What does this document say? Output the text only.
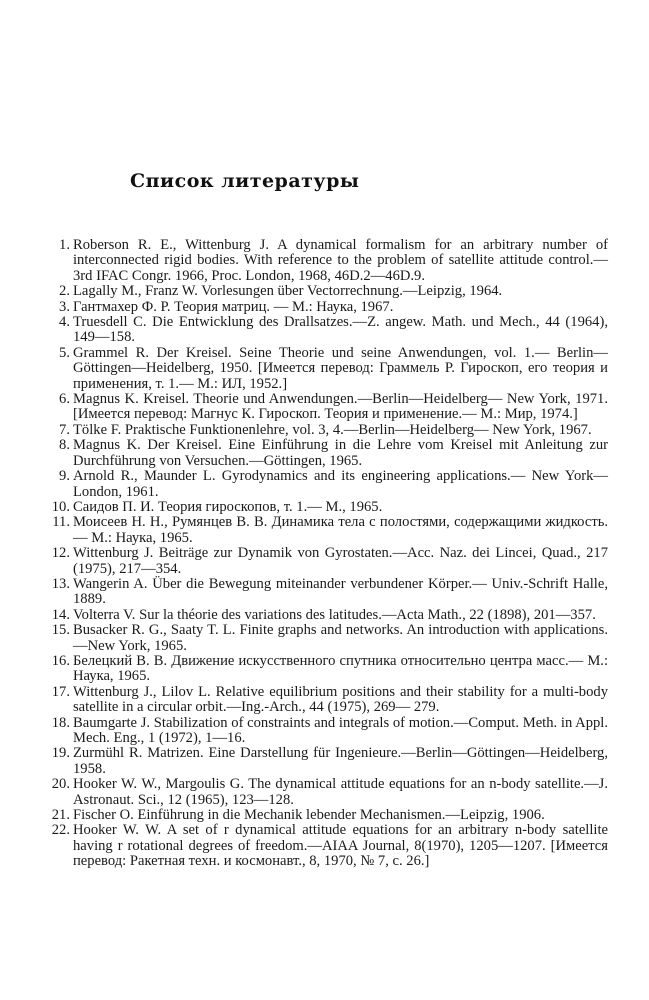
Список литературы
1. Roberson R. E., Wittenburg J. A dynamical formalism for an arbitrary number of interconnected rigid bodies. With reference to the problem of satellite attitude control.—3rd IFAC Congr. 1966, Proc. London, 1968, 46D.2—46D.9.
2. Lagally M., Franz W. Vorlesungen über Vectorrechnung.—Leipzig, 1964.
3. Гантмахер Ф. Р. Теория матриц. — М.: Наука, 1967.
4. Truesdell C. Die Entwicklung des Drallsatzes.—Z. angew. Math. und Mech., 44 (1964), 149—158.
5. Grammel R. Der Kreisel. Seine Theorie und seine Anwendungen, vol. 1.— Berlin—Göttingen—Heidelberg, 1950. [Имеется перевод: Граммель Р. Гироскоп, его теория и применения, т. 1.— М.: ИЛ, 1952.]
6. Magnus K. Kreisel. Theorie und Anwendungen.—Berlin—Heidelberg— New York, 1971. [Имеется перевод: Магнус К. Гироскоп. Теория и применение.— М.: Мир, 1974.]
7. Tölke F. Praktische Funktionenlehre, vol. 3, 4.—Berlin—Heidelberg— New York, 1967.
8. Magnus K. Der Kreisel. Eine Einführung in die Lehre vom Kreisel mit Anleitung zur Durchführung von Versuchen.—Göttingen, 1965.
9. Arnold R., Maunder L. Gyrodynamics and its engineering applications.— New York—London, 1961.
10. Саидов П. И. Теория гироскопов, т. 1.— М., 1965.
11. Моисеев Н. Н., Румянцев В. В. Динамика тела с полостями, содержащими жидкость.— М.: Наука, 1965.
12. Wittenburg J. Beiträge zur Dynamik von Gyrostaten.—Acc. Naz. dei Lincei, Quad., 217 (1975), 217—354.
13. Wangerin A. Über die Bewegung miteinander verbundener Körper.— Univ.-Schrift Halle, 1889.
14. Volterra V. Sur la théorie des variations des latitudes.—Acta Math., 22 (1898), 201—357.
15. Busacker R. G., Saaty T. L. Finite graphs and networks. An introduction with applications.—New York, 1965.
16. Белецкий В. В. Движение искусственного спутника относительно центра масс.— М.: Наука, 1965.
17. Wittenburg J., Lilov L. Relative equilibrium positions and their stability for a multi-body satellite in a circular orbit.—Ing.-Arch., 44 (1975), 269— 279.
18. Baumgarte J. Stabilization of constraints and integrals of motion.—Comput. Meth. in Appl. Mech. Eng., 1 (1972), 1—16.
19. Zurmühl R. Matrizen. Eine Darstellung für Ingenieure.—Berlin—Göttingen—Heidelberg, 1958.
20. Hooker W. W., Margoulis G. The dynamical attitude equations for an n-body satellite.—J. Astronaut. Sci., 12 (1965), 123—128.
21. Fischer O. Einführung in die Mechanik lebender Mechanismen.—Leipzig, 1906.
22. Hooker W. W. A set of r dynamical attitude equations for an arbitrary n-body satellite having r rotational degrees of freedom.—AIAA Journal, 8(1970), 1205—1207. [Имеется перевод: Ракетная техн. и космонавт., 8, 1970, № 7, с. 26.]
